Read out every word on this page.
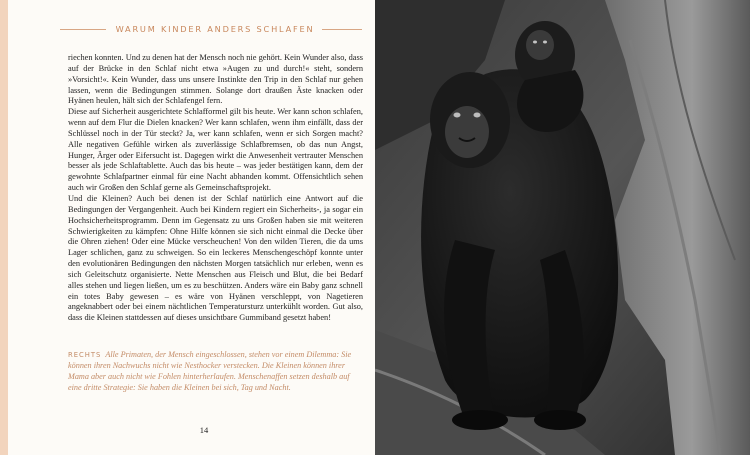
WARUM KINDER ANDERS SCHLAFEN

riechen konnten. Und zu denen hat der Mensch noch nie gehört. Kein Wunder also, dass auf der Brücke in den Schlaf nicht etwa »Augen zu und durch!« steht, sondern »Vorsicht!«. Kein Wunder, dass uns unsere Instinkte den Trip in den Schlaf nur gehen lassen, wenn die Bedingungen stimmen. Solange dort draußen Äste knacken oder Hyänen heulen, hält sich der Schlafengel fern.

Diese auf Sicherheit ausgerichtete Schlafformel gilt bis heute. Wer kann schon schlafen, wenn auf dem Flur die Dielen knacken? Wer kann schlafen, wenn ihm einfällt, dass der Schlüssel noch in der Tür steckt? Ja, wer kann schlafen, wenn er sich Sorgen macht? Alle negativen Gefühle wirken als zuverlässige Schlafbremsen, ob das nun Angst, Hunger, Ärger oder Eifersucht ist. Dagegen wirkt die Anwesenheit vertrauter Menschen besser als jede Schlaftablette. Auch das bis heute – was jeder bestätigen kann, dem der gewohnte Schlafpartner einmal für eine Nacht abhanden kommt. Offensichtlich sehen auch wir Großen den Schlaf gerne als Gemeinschaftsprojekt.

Und die Kleinen? Auch bei denen ist der Schlaf natürlich eine Antwort auf die Bedingungen der Vergangenheit. Auch bei Kindern regiert ein Sicherheits-, ja sogar ein Hochsicherheitsprogramm. Denn im Gegensatz zu uns Großen haben sie mit weiteren Schwierigkeiten zu kämpfen: Ohne Hilfe können sie sich nicht einmal die Decke über die Ohren ziehen! Oder eine Mücke verscheuchen! Von den wilden Tieren, die da ums Lager schlichen, ganz zu schweigen. So ein leckeres Menschengeschöpf konnte unter den evolutionären Bedingungen den nächsten Morgen tatsächlich nur erleben, wenn es sich Geleitschutz organisierte. Nette Menschen aus Fleisch und Blut, die bei Bedarf alles stehen und liegen ließen, um es zu beschützen. Anders wäre ein Baby ganz schnell ein totes Baby gewesen – es wäre von Hyänen verschleppt, von Nagetieren angeknabbert oder bei einem nächtlichen Temperatursturz unterkühlt worden. Gut also, dass die Kleinen stattdessen auf dieses unsichtbare Gummiband gesetzt haben!

RECHTS Alle Primaten, der Mensch eingeschlossen, stehen vor einem Dilemma: Sie können ihren Nachwuchs nicht wie Nesthocker verstecken. Die Kleinen können ihrer Mama aber auch nicht wie Fohlen hinterherlaufen. Menschenaffen setzen deshalb auf eine dritte Strategie: Sie haben die Kleinen bei sich, Tag und Nacht.

14
